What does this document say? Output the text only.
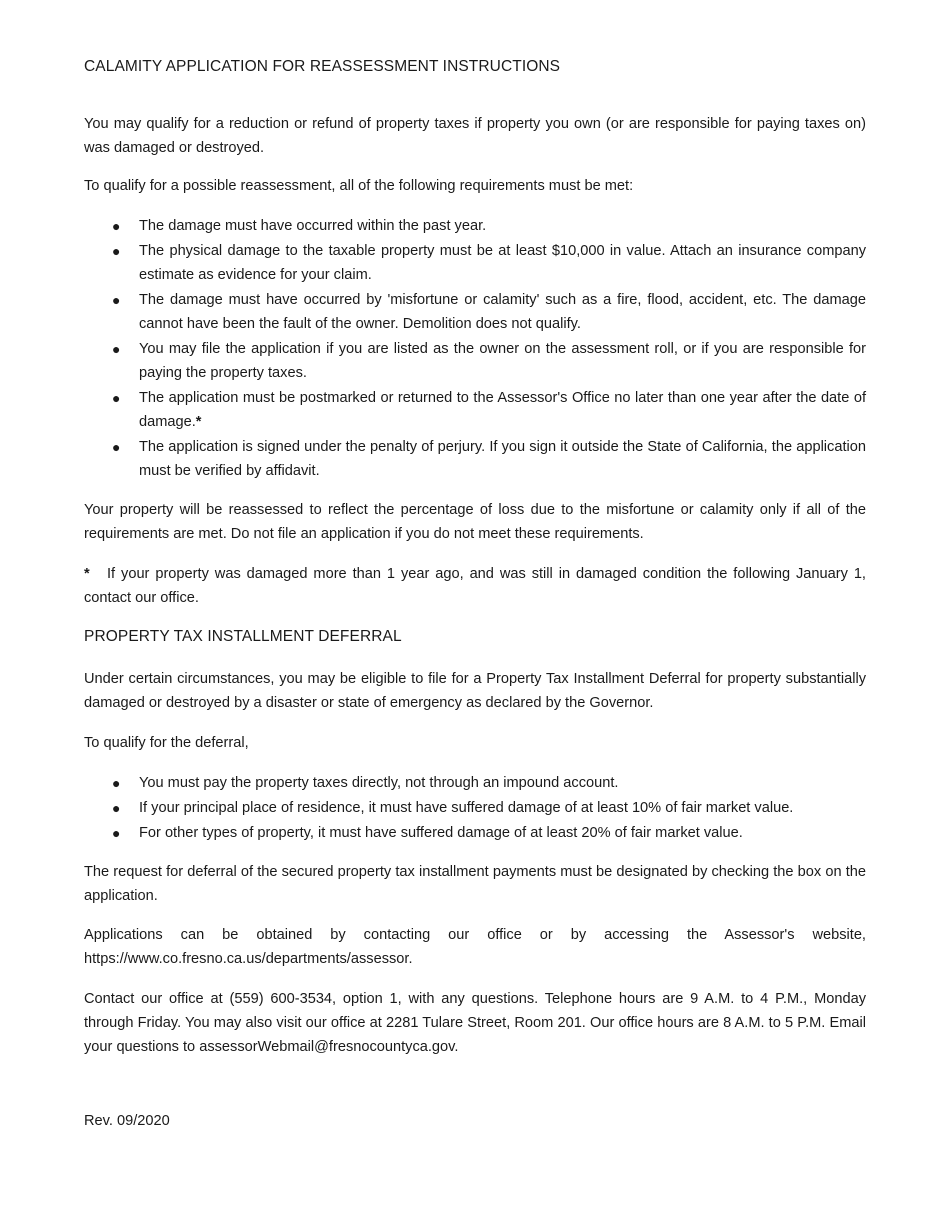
CALAMITY APPLICATION FOR REASSESSMENT INSTRUCTIONS
You may qualify for a reduction or refund of property taxes if property you own (or are responsible for paying taxes on) was damaged or destroyed.
To qualify for a possible reassessment, all of the following requirements must be met:
● The damage must have occurred within the past year.
● The physical damage to the taxable property must be at least $10,000 in value. Attach an insurance company estimate as evidence for your claim.
● The damage must have occurred by 'misfortune or calamity' such as a fire, flood, accident, etc. The damage cannot have been the fault of the owner. Demolition does not qualify.
● You may file the application if you are listed as the owner on the assessment roll, or if you are responsible for paying the property taxes.
● The application must be postmarked or returned to the Assessor's Office no later than one year after the date of damage.*
● The application is signed under the penalty of perjury. If you sign it outside the State of California, the application must be verified by affidavit.
Your property will be reassessed to reflect the percentage of loss due to the misfortune or calamity only if all of the requirements are met. Do not file an application if you do not meet these requirements.
* If your property was damaged more than 1 year ago, and was still in damaged condition the following January 1, contact our office.
PROPERTY TAX INSTALLMENT DEFERRAL
Under certain circumstances, you may be eligible to file for a Property Tax Installment Deferral for property substantially damaged or destroyed by a disaster or state of emergency as declared by the Governor.
To qualify for the deferral,
● You must pay the property taxes directly, not through an impound account.
● If your principal place of residence, it must have suffered damage of at least 10% of fair market value.
● For other types of property, it must have suffered damage of at least 20% of fair market value.
The request for deferral of the secured property tax installment payments must be designated by checking the box on the application.
Applications can be obtained by contacting our office or by accessing the Assessor's website, https://www.co.fresno.ca.us/departments/assessor.
Contact our office at (559) 600-3534, option 1, with any questions. Telephone hours are 9 A.M. to 4 P.M., Monday through Friday. You may also visit our office at 2281 Tulare Street, Room 201. Our office hours are 8 A.M. to 5 P.M. Email your questions to assessorWebmail@fresnocountyca.gov.
Rev. 09/2020
